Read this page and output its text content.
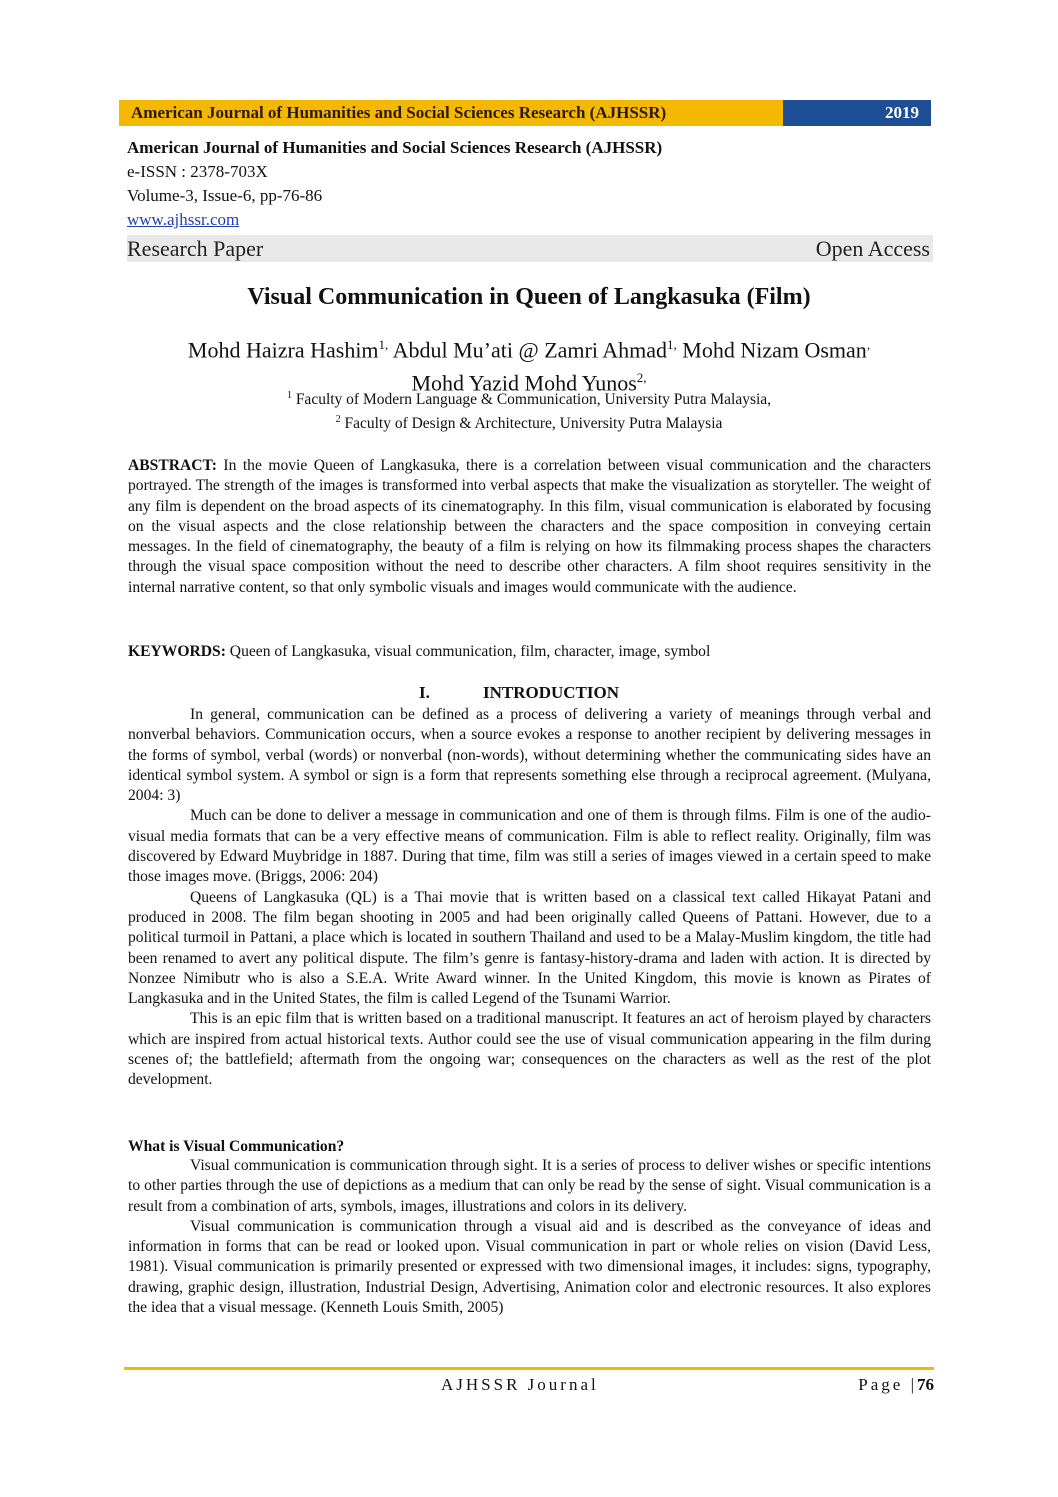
American Journal of Humanities and Social Sciences Research (AJHSSR)	2019
American Journal of Humanities and Social Sciences Research (AJHSSR)
e-ISSN : 2378-703X
Volume-3, Issue-6, pp-76-86
www.ajhssr.com
Research Paper	Open Access
Visual Communication in Queen of Langkasuka (Film)
Mohd Haizra Hashim$^{1,}$ Abdul Mu’ati @ Zamri Ahmad$^{1,}$ Mohd Nizam Osman,
Mohd Yazid Mohd Yunos$^{2,}$
$^1$ Faculty of Modern Language & Communication, University Putra Malaysia,
$^2$ Faculty of Design & Architecture, University Putra Malaysia

ABSTRACT: In the movie Queen of Langkasuka, there is a correlation between visual communication and the characters portrayed. The strength of the images is transformed into verbal aspects that make the visualization as storyteller. The weight of any film is dependent on the broad aspects of its cinematography. In this film, visual communication is elaborated by focusing on the visual aspects and the close relationship between the characters and the space composition in conveying certain messages. In the field of cinematography, the beauty of a film is relying on how its filmmaking process shapes the characters through the visual space composition without the need to describe other characters. A film shoot requires sensitivity in the internal narrative content, so that only symbolic visuals and images would communicate with the audience.

KEYWORDS: Queen of Langkasuka, visual communication, film, character, image, symbol

I.	INTRODUCTION

In general, communication can be defined as a process of delivering a variety of meanings through verbal and nonverbal behaviors. Communication occurs, when a source evokes a response to another recipient by delivering messages in the forms of symbol, verbal (words) or nonverbal (non-words), without determining whether the communicating sides have an identical symbol system. A symbol or sign is a form that represents something else through a reciprocal agreement. (Mulyana, 2004: 3)

Much can be done to deliver a message in communication and one of them is through films. Film is one of the audio-visual media formats that can be a very effective means of communication. Film is able to reflect reality. Originally, film was discovered by Edward Muybridge in 1887. During that time, film was still a series of images viewed in a certain speed to make those images move. (Briggs, 2006: 204)

Queens of Langkasuka (QL) is a Thai movie that is written based on a classical text called Hikayat Patani and produced in 2008. The film began shooting in 2005 and had been originally called Queens of Pattani. However, due to a political turmoil in Pattani, a place which is located in southern Thailand and used to be a Malay-Muslim kingdom, the title had been renamed to avert any political dispute. The film’s genre is fantasy-history-drama and laden with action. It is directed by Nonzee Nimibutr who is also a S.E.A. Write Award winner. In the United Kingdom, this movie is known as Pirates of Langkasuka and in the United States, the film is called Legend of the Tsunami Warrior.

This is an epic film that is written based on a traditional manuscript. It features an act of heroism played by characters which are inspired from actual historical texts. Author could see the use of visual communication appearing in the film during scenes of; the battlefield; aftermath from the ongoing war; consequences on the characters as well as the rest of the plot development.

What is Visual Communication?

Visual communication is communication through sight. It is a series of process to deliver wishes or specific intentions to other parties through the use of depictions as a medium that can only be read by the sense of sight. Visual communication is a result from a combination of arts, symbols, images, illustrations and colors in its delivery.

Visual communication is communication through a visual aid and is described as the conveyance of ideas and information in forms that can be read or looked upon. Visual communication in part or whole relies on vision (David Less, 1981). Visual communication is primarily presented or expressed with two dimensional images, it includes: signs, typography, drawing, graphic design, illustration, Industrial Design, Advertising, Animation color and electronic resources. It also explores the idea that a visual message. (Kenneth Louis Smith, 2005)

AJHSSR Journal	Page |76
